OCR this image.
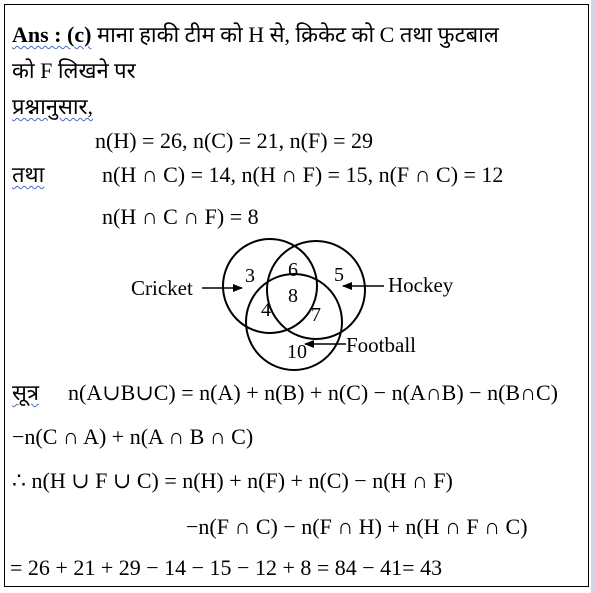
Ans : (c) माना हाकी टीम को H से, क्रिकेट को C तथा फुटबाल
को F लिखने पर
प्रश्नानुसार,
n(H) = 26, n(C) = 21, n(F) = 29
तथा	n(H ∩ C) = 14, n(H ∩ F) = 15, n(F ∩ C) = 12
n(H ∩ C ∩ F) = 8
Cricket	Hockey
Football
3 6 5
8
4 7
10
सूत्र n(A∪B∪C) = n(A) + n(B) + n(C) − n(A∩B) − n(B∩C)
−n(C ∩ A) + n(A ∩ B ∩ C)
∴ n(H ∪ F ∪ C) = n(H) + n(F) + n(C) − n(H ∩ F)
−n(F ∩ C) − n(F ∩ H) + n(H ∩ F ∩ C)
= 26 + 21 + 29 − 14 − 15 − 12 + 8 = 84 − 41= 43
